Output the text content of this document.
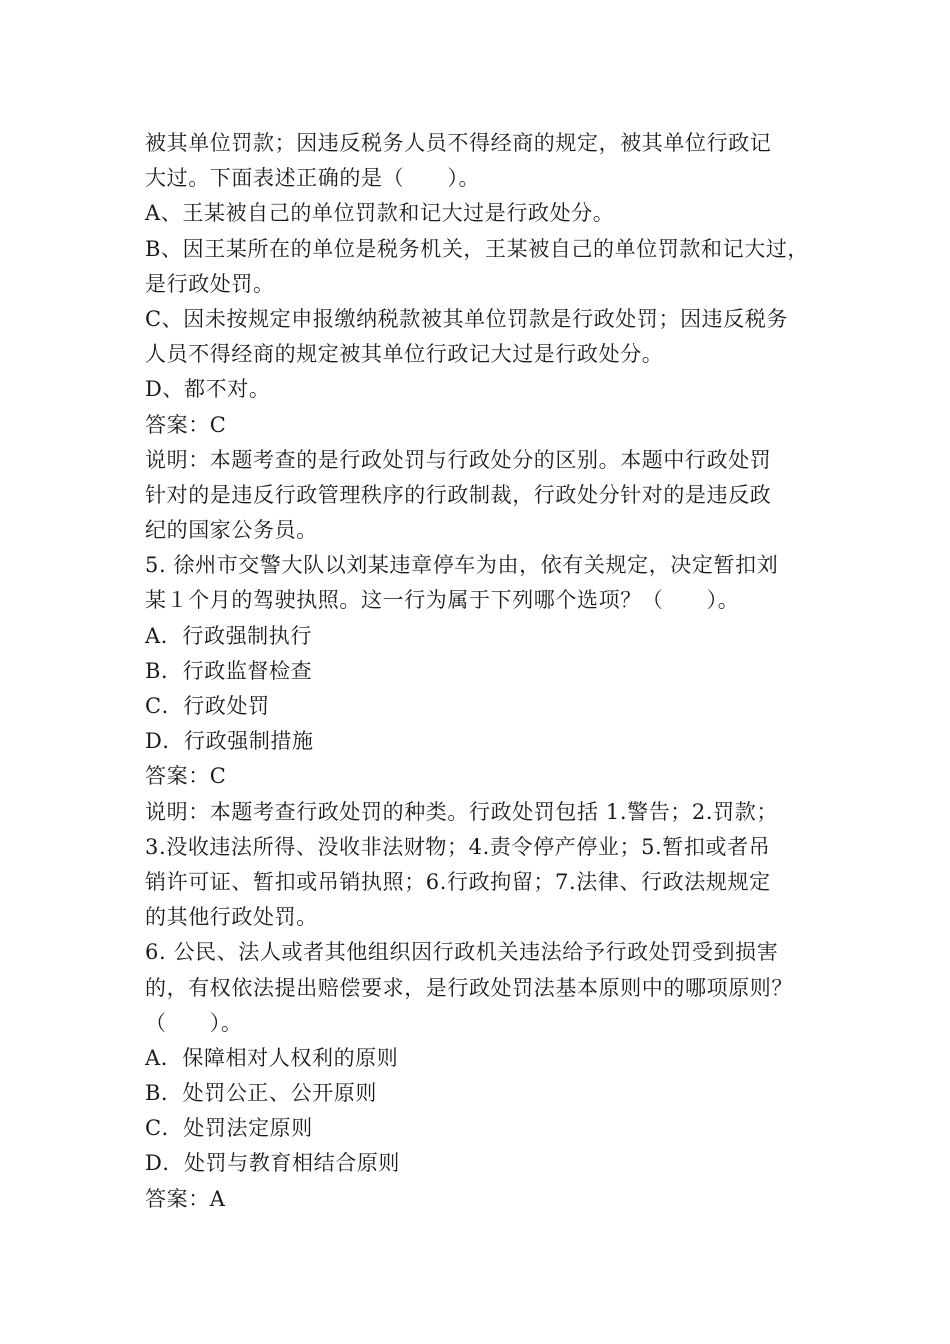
被其单位罚款；因违反税务人员不得经商的规定，被其单位行政记
大过。下面表述正确的是（　　）。
A、王某被自己的单位罚款和记大过是行政处分。
B、因王某所在的单位是税务机关，王某被自己的单位罚款和记大过，
是行政处罚。
C、因未按规定申报缴纳税款被其单位罚款是行政处罚；因违反税务
人员不得经商的规定被其单位行政记大过是行政处分。
D、都不对。
答案：C
说明：本题考查的是行政处罚与行政处分的区别。本题中行政处罚
针对的是违反行政管理秩序的行政制裁，行政处分针对的是违反政
纪的国家公务员。
5. 徐州市交警大队以刘某违章停车为由，依有关规定，决定暂扣刘
某１个月的驾驶执照。这一行为属于下列哪个选项？（　　）。
A．行政强制执行
B．行政监督检查
C．行政处罚
D．行政强制措施
答案：C
说明：本题考查行政处罚的种类。行政处罚包括 1.警告；2.罚款；
3.没收违法所得、没收非法财物；4.责令停产停业；5.暂扣或者吊
销许可证、暂扣或吊销执照；6.行政拘留；7.法律、行政法规规定
的其他行政处罚。
6. 公民、法人或者其他组织因行政机关违法给予行政处罚受到损害
的，有权依法提出赔偿要求，是行政处罚法基本原则中的哪项原则？
（　　）。
A．保障相对人权利的原则
B．处罚公正、公开原则
C．处罚法定原则
D．处罚与教育相结合原则
答案：A
